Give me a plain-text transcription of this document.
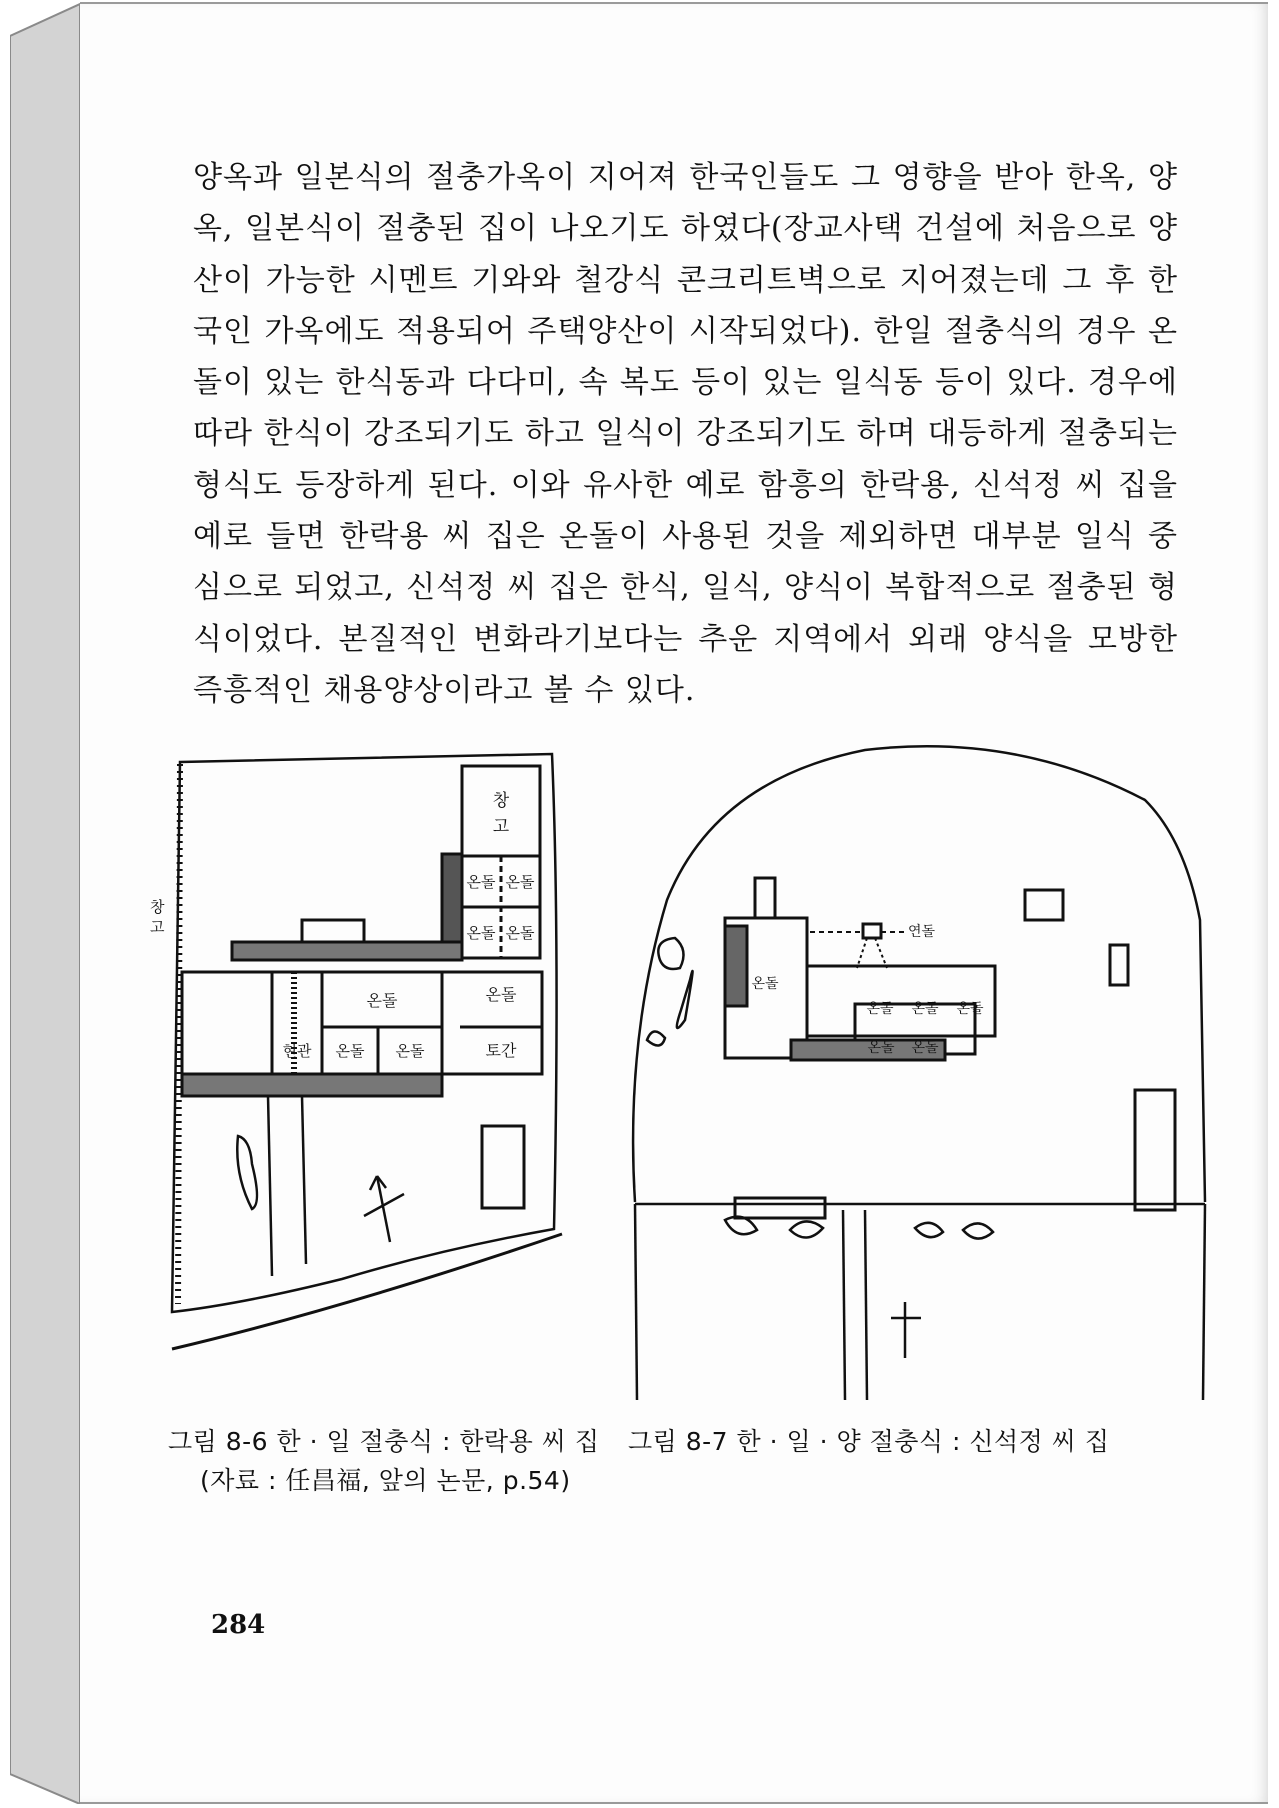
양옥과 일본식의 절충가옥이 지어져 한국인들도 그 영향을 받아 한옥, 양옥, 일본식이 절충된 집이 나오기도 하였다(장교사택 건설에 처음으로 양산이 가능한 시멘트 기와와 철강식 콘크리트벽으로 지어졌는데 그 후 한국인 가옥에도 적용되어 주택양산이 시작되었다). 한일 절충식의 경우 온돌이 있는 한식동과 다다미, 속 복도 등이 있는 일식동 등이 있다. 경우에 따라 한식이 강조되기도 하고 일식이 강조되기도 하며 대등하게 절충되는 형식도 등장하게 된다. 이와 유사한 예로 함흥의 한락용, 신석정 씨 집을 예로 들면 한락용 씨 집은 온돌이 사용된 것을 제외하면 대부분 일식 중심으로 되었고, 신석정 씨 집은 한식, 일식, 양식이 복합적으로 절충된 형식이었다. 본질적인 변화라기보다는 추운 지역에서 외래 양식을 모방한 즉흥적인 채용양상이라고 볼 수 있다.

창
고
창
고
온돌 온돌
온돌 온돌
온돌	온돌
현관 온돌 온돌	토간
연돌
온돌
온돌 온돌 온돌
온돌 온돌
그림 8-6 한 · 일 절충식 : 한락용 씨 집
(자료 : 任昌福, 앞의 논문, p.54)
그림 8-7 한 · 일 · 양 절충식 : 신석정 씨 집
284
